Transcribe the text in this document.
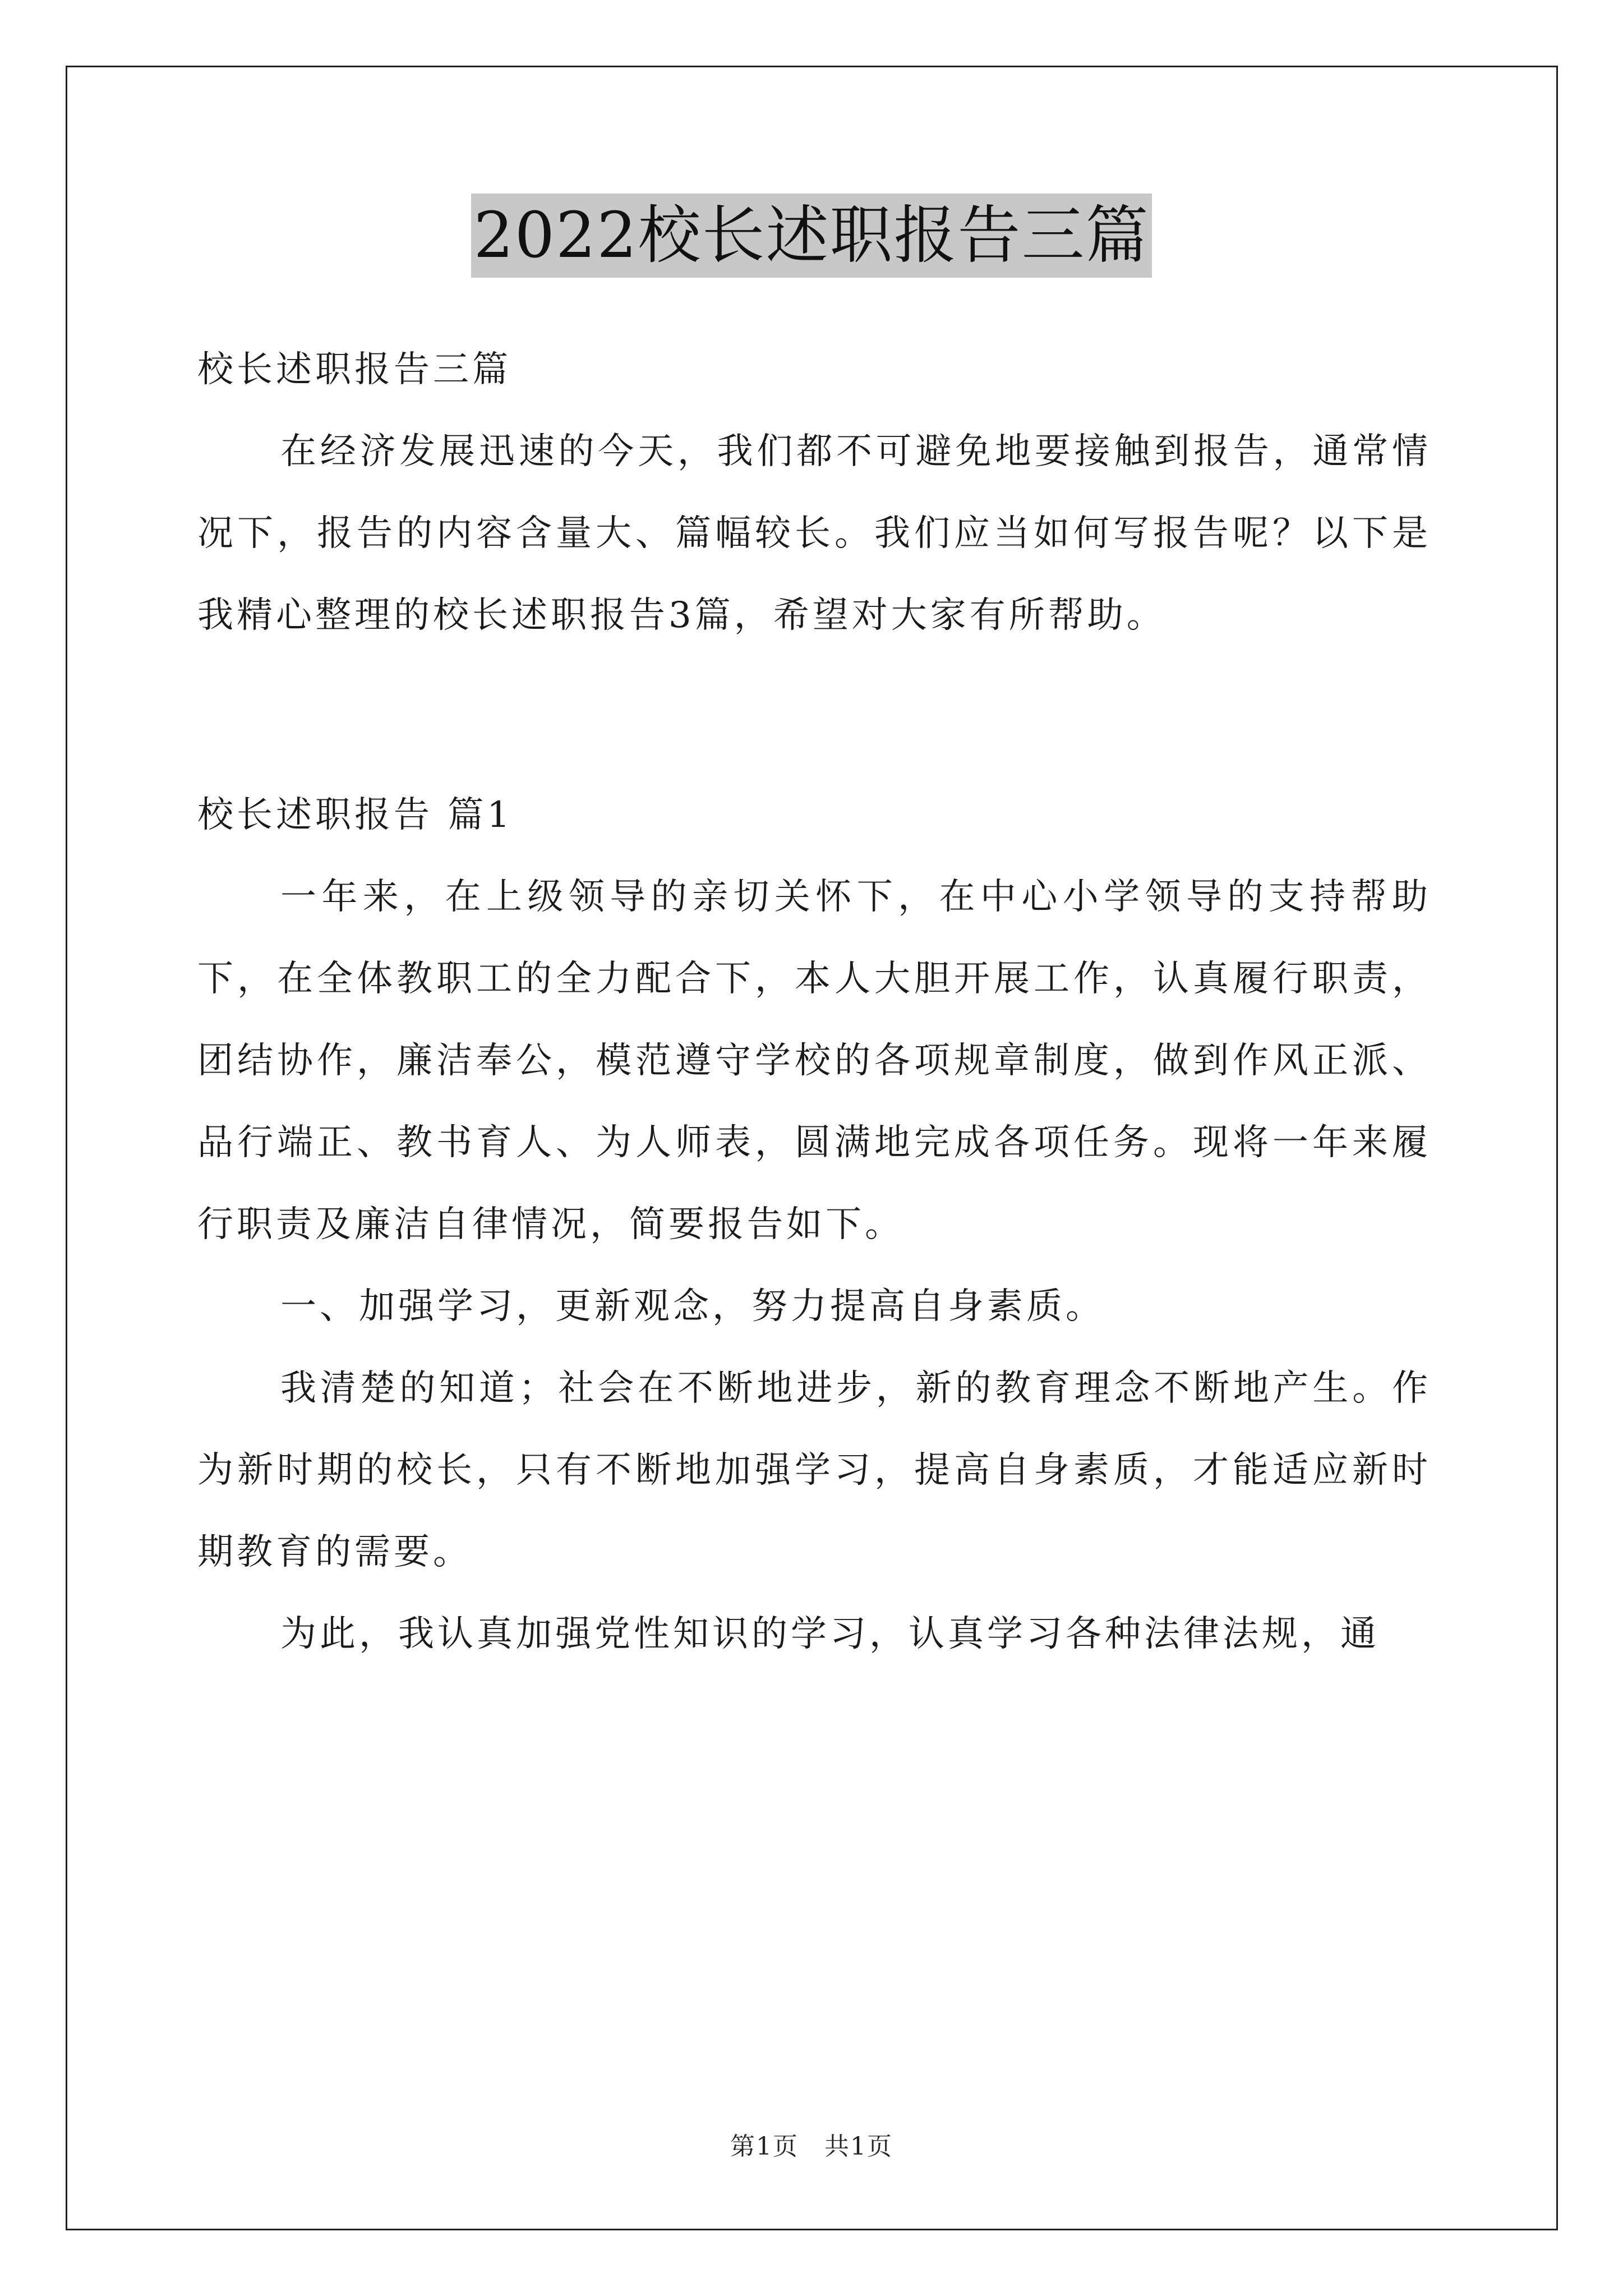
2022校长述职报告三篇

校长述职报告三篇

在经济发展迅速的今天，我们都不可避免地要接触到报告，通常情况下，报告的内容含量大、篇幅较长。我们应当如何写报告呢？以下是我精心整理的校长述职报告3篇，希望对大家有所帮助。

校长述职报告 篇1

一年来，在上级领导的亲切关怀下，在中心小学领导的支持帮助下，在全体教职工的全力配合下，本人大胆开展工作，认真履行职责，团结协作，廉洁奉公，模范遵守学校的各项规章制度，做到作风正派、品行端正、教书育人、为人师表，圆满地完成各项任务。现将一年来履行职责及廉洁自律情况，简要报告如下。

一、加强学习，更新观念，努力提高自身素质。

我清楚的知道；社会在不断地进步，新的教育理念不断地产生。作为新时期的校长，只有不断地加强学习，提高自身素质，才能适应新时期教育的需要。

为此，我认真加强党性知识的学习，认真学习各种法律法规，通

第1页　共1页
